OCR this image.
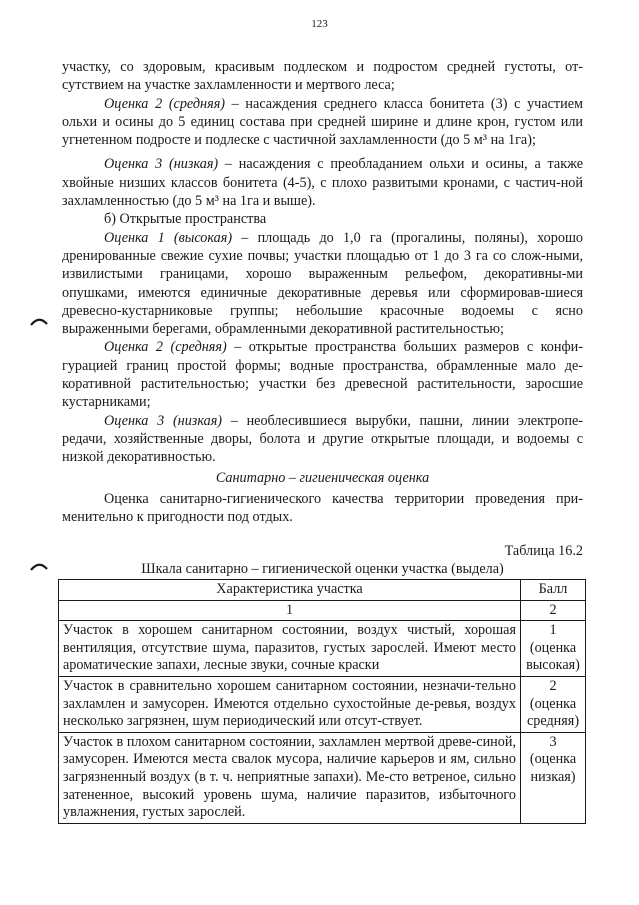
123

участку, со здоровым, красивым подлеском и подростом средней густоты, от-сутствием на участке захламленности и мертвого леса;

Оценка 2 (средняя) – насаждения среднего класса бонитета (3) с участием ольхи и осины до 5 единиц состава при средней ширине и длине крон, густом или угнетенном подросте и подлеске с частичной захламленности (до 5 м³ на 1га);

Оценка 3 (низкая) – насаждения с преобладанием ольхи и осины, а также хвойные низших классов бонитета (4-5), с плохо развитыми кронами, с частич-ной захламленностью (до 5 м³ на 1га и выше).

б) Открытые пространства

Оценка 1 (высокая) – площадь до 1,0 га (прогалины, поляны), хорошо дренированные свежие сухие почвы; участки площадью от 1 до 3 га со слож-ными, извилистыми границами, хорошо выраженным рельефом, декоративны-ми опушками, имеются единичные декоративные деревья или сформировав-шиеся древесно-кустарниковые группы; небольшие красочные водоемы с ясно выраженными берегами, обрамленными декоративной растительностью;

Оценка 2 (средняя) – открытые пространства больших размеров с конфи-гурацией границ простой формы; водные пространства, обрамленные мало де-коративной растительностью; участки без древесной растительности, заросшие кустарниками;

Оценка 3 (низкая) – необлесившиеся вырубки, пашни, линии электропе-редачи, хозяйственные дворы, болота и другие открытые площади, и водоемы с низкой декоративностью.

Санитарно – гигиеническая оценка

Оценка санитарно-гигиенического качества территории проведения при-менительно к пригодности под отдых.

Таблица 16.2
Шкала санитарно – гигиенической оценки участка (выдела)
Характеристика участка	Балл
1	2
Участок в хорошем санитарном состоянии, воздух чистый, хорошая вентиляция, отсутствие шума, паразитов, густых зарослей. Имеют место ароматические запахи, лесные звуки, сочные краски	1
(оценка высокая)

Участок в сравнительно хорошем санитарном состоянии, незначи-тельно захламлен и замусорен. Имеются отдельно сухостойные де-ревья, воздух несколько загрязнен, шум периодический или отсут-ствует.	2
(оценка средняя)

Участок в плохом санитарном состоянии, захламлен мертвой древе-синой, замусорен. Имеются места свалок мусора, наличие карьеров и ям, сильно загрязненный воздух (в т. ч. неприятные запахи). Ме-сто ветреное, сильно затененное, высокий уровень шума, наличие паразитов, избыточного увлажнения, густых зарослей.	3
(оценка низкая)
